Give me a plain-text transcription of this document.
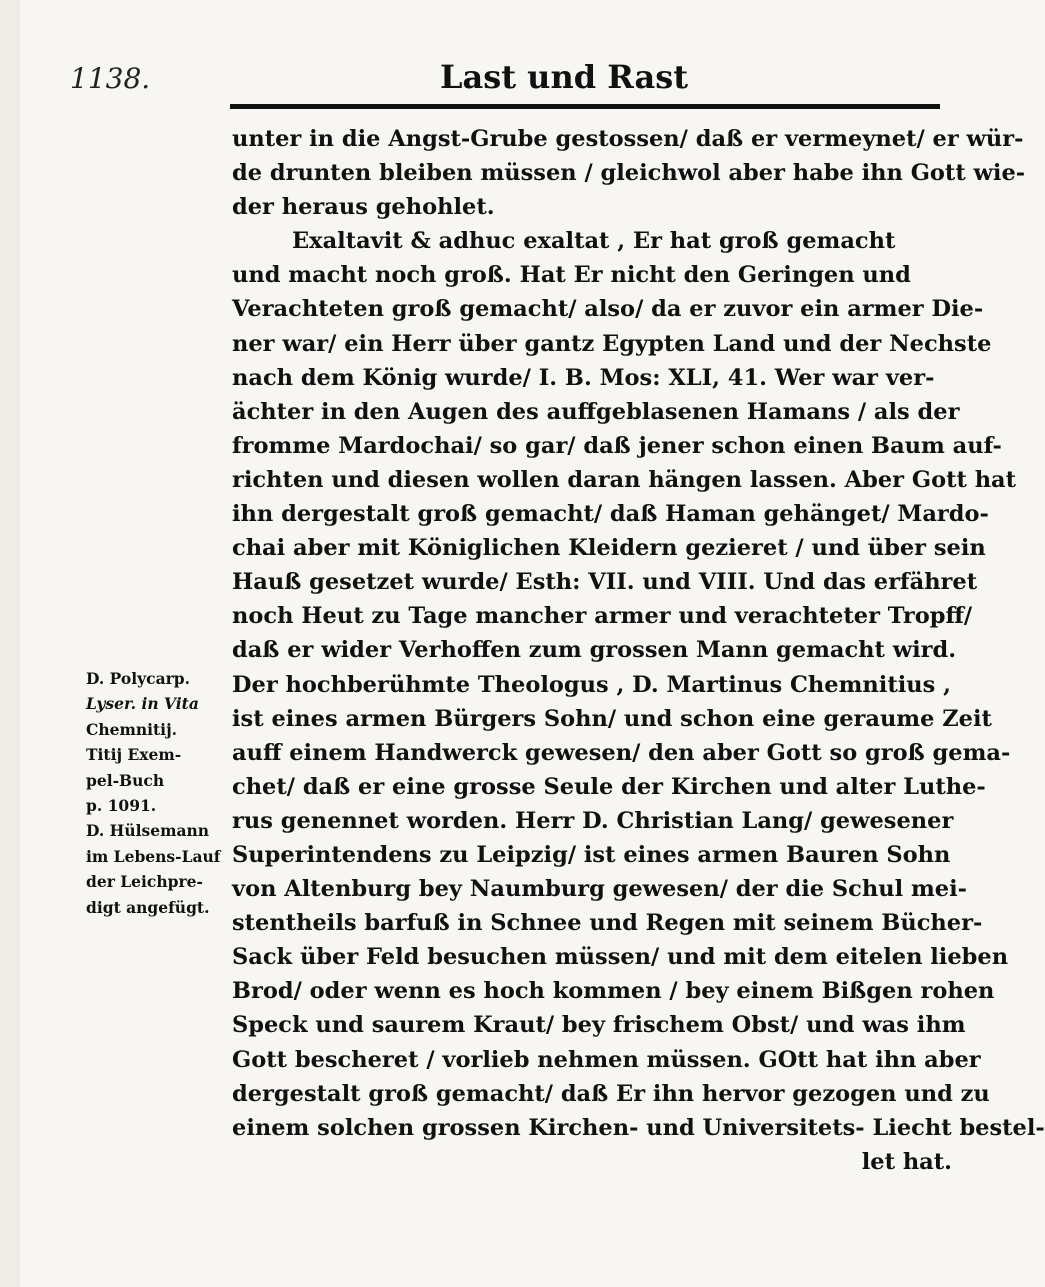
1138.	Last und Rast
unter in die Angst-Grube gestossen/ daß er vermeynet/ er wür-
de drunten bleiben müssen / gleichwol aber habe ihn Gott wie-
der heraus gehohlet.
Exaltavit & adhuc exaltat , Er hat groß gemacht
und macht noch groß. Hat Er nicht den Geringen und
Verachteten groß gemacht/ also/ da er zuvor ein armer Die-
ner war/ ein Herr über gantz Egypten Land und der Nechste
nach dem König wurde/ I. B. Mos: XLI, 41. Wer war ver-
ächter in den Augen des auffgeblasenen Hamans / als der
fromme Mardochai/ so gar/ daß jener schon einen Baum auf-
richten und diesen wollen daran hängen lassen. Aber Gott hat
ihn dergestalt groß gemacht/ daß Haman gehänget/ Mardo-
chai aber mit Königlichen Kleidern gezieret / und über sein
Hauß gesetzet wurde/ Esth: VII. und VIII. Und das erfähret
noch Heut zu Tage mancher armer und verachteter Tropff/
daß er wider Verhoffen zum grossen Mann gemacht wird.
Der hochberühmte Theologus , D. Martinus Chemnitius ,
ist eines armen Bürgers Sohn/ und schon eine geraume Zeit
auff einem Handwerck gewesen/ den aber Gott so groß gema-
chet/ daß er eine grosse Seule der Kirchen und alter Luthe-
rus genennet worden. Herr D. Christian Lang/ gewesener
Superintendens zu Leipzig/ ist eines armen Bauren Sohn
von Altenburg bey Naumburg gewesen/ der die Schul mei-
stentheils barfuß in Schnee und Regen mit seinem Bücher-
Sack über Feld besuchen müssen/ und mit dem eitelen lieben
Brod/ oder wenn es hoch kommen / bey einem Bißgen rohen
Speck und saurem Kraut/ bey frischem Obst/ und was ihm
Gott bescheret / vorlieb nehmen müssen. GOtt hat ihn aber
dergestalt groß gemacht/ daß Er ihn hervor gezogen und zu
einem solchen grossen Kirchen- und Universitets- Liecht bestel-
let hat.
D. Polycarp.
Lyser. in Vita
Chemnitij.
Titij Exem-
pel-Buch
p. 1091.
D. Hülsemann
im Lebens-Lauf
der Leichpre-
digt angefügt.
